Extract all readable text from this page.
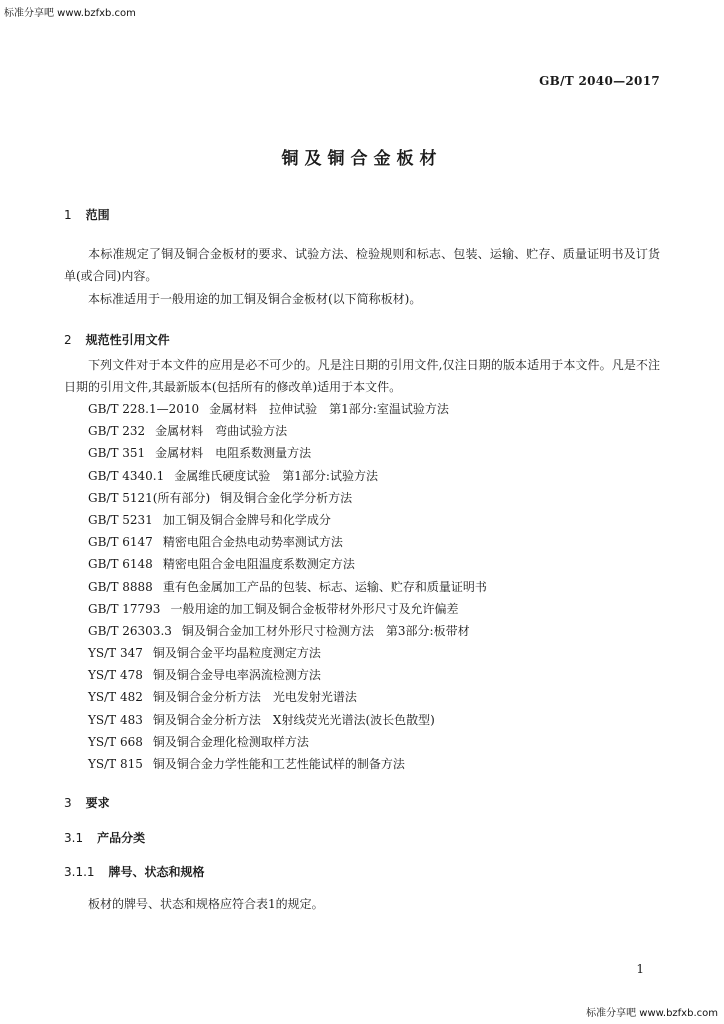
标准分享吧 www.bzfxb.com
GB/T 2040—2017
铜及铜合金板材
1 范围

本标准规定了铜及铜合金板材的要求、试验方法、检验规则和标志、包装、运输、贮存、质量证明书及订货单(或合同)内容。

本标准适用于一般用途的加工铜及铜合金板材(以下简称板材)。

2 规范性引用文件

下列文件对于本文件的应用是必不可少的。凡是注日期的引用文件,仅注日期的版本适用于本文件。凡是不注日期的引用文件,其最新版本(包括所有的修改单)适用于本文件。

GB/T 228.1—2010 金属材料　拉伸试验　第1部分:室温试验方法
GB/T 232 金属材料　弯曲试验方法
GB/T 351 金属材料　电阻系数测量方法
GB/T 4340.1 金属维氏硬度试验　第1部分:试验方法
GB/T 5121(所有部分) 铜及铜合金化学分析方法
GB/T 5231 加工铜及铜合金牌号和化学成分
GB/T 6147 精密电阻合金热电动势率测试方法
GB/T 6148 精密电阻合金电阻温度系数测定方法
GB/T 8888 重有色金属加工产品的包装、标志、运输、贮存和质量证明书
GB/T 17793 一般用途的加工铜及铜合金板带材外形尺寸及允许偏差
GB/T 26303.3 铜及铜合金加工材外形尺寸检测方法　第3部分:板带材
YS/T 347 铜及铜合金平均晶粒度测定方法
YS/T 478 铜及铜合金导电率涡流检测方法
YS/T 482 铜及铜合金分析方法　光电发射光谱法
YS/T 483 铜及铜合金分析方法　X射线荧光光谱法(波长色散型)
YS/T 668 铜及铜合金理化检测取样方法
YS/T 815 铜及铜合金力学性能和工艺性能试样的制备方法
3 要求
3.1 产品分类
3.1.1 牌号、状态和规格

板材的牌号、状态和规格应符合表1的规定。

1
标准分享吧 www.bzfxb.com
